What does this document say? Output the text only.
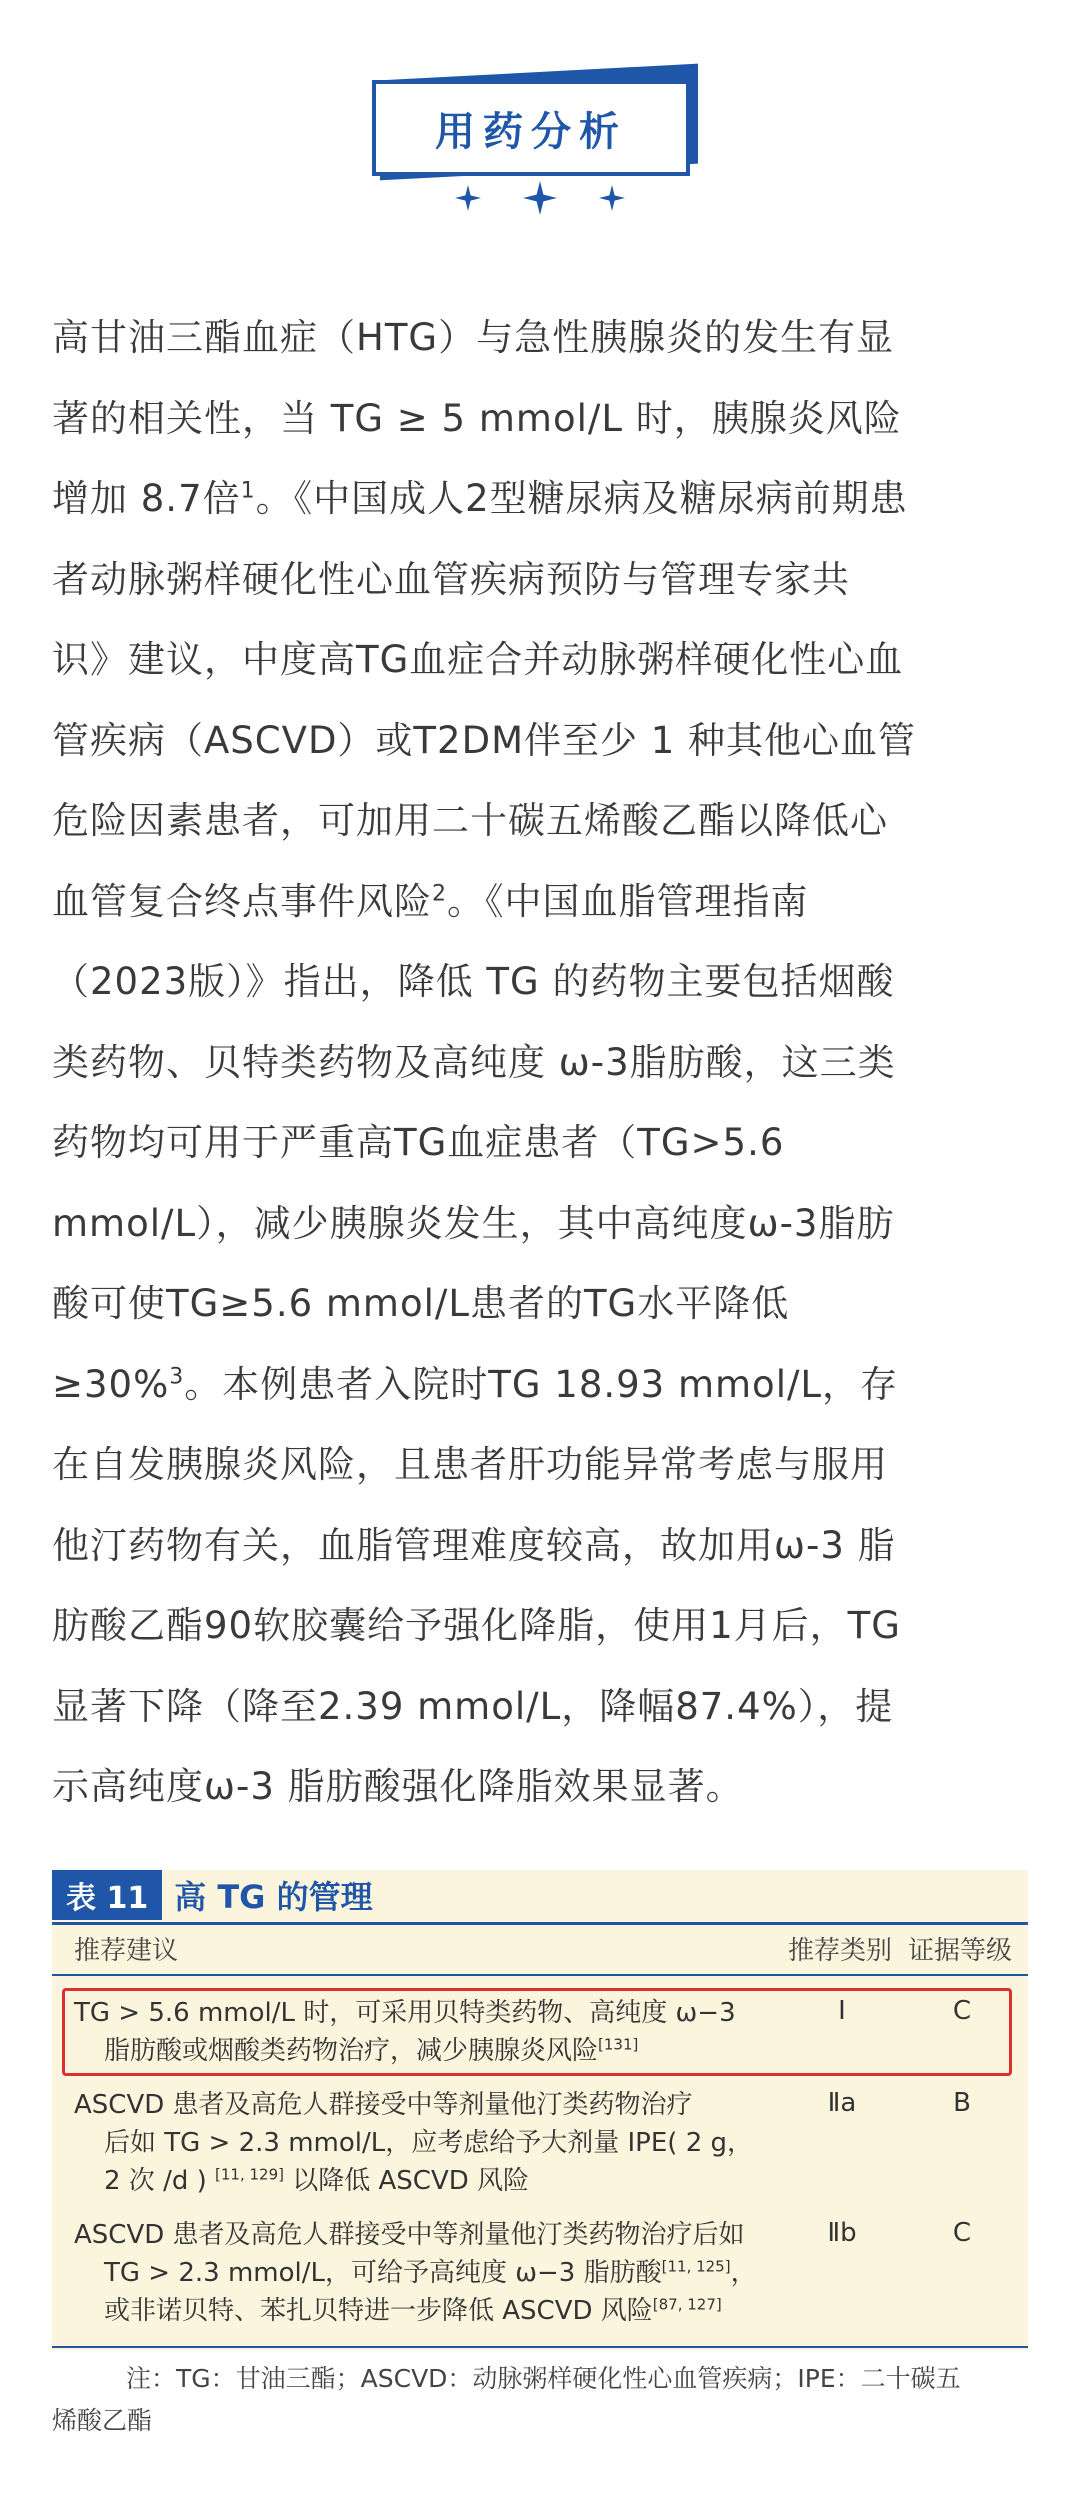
用药分析
高甘油三酯血症（HTG）与急性胰腺炎的发生有显
著的相关性，当 TG ≥ 5 mmol/L 时，胰腺炎风险
增加 8.7倍$^1$。《中国成人2型糖尿病及糖尿病前期患
者动脉粥样硬化性心血管疾病预防与管理专家共
识》建议，中度高TG血症合并动脉粥样硬化性心血
管疾病（ASCVD）或T2DM伴至少 1 种其他心血管
危险因素患者，可加用二十碳五烯酸乙酯以降低心
血管复合终点事件风险$^2$。《中国血脂管理指南
（2023版）》指出，降低 TG 的药物主要包括烟酸
类药物、贝特类药物及高纯度 ω-3脂肪酸，这三类
药物均可用于严重高TG血症患者（TG>5.6
mmol/L），减少胰腺炎发生，其中高纯度ω-3脂肪
酸可使TG≥5.6 mmol/L患者的TG水平降低
≥30%$^3$。本例患者入院时TG 18.93 mmol/L，存
在自发胰腺炎风险，且患者肝功能异常考虑与服用
他汀药物有关，血脂管理难度较高，故加用ω-3 脂
肪酸乙酯90软胶囊给予强化降脂，使用1月后，TG
显著下降（降至2.39 mmol/L，降幅87.4%），提
示高纯度ω-3 脂肪酸强化降脂效果显著。
表 11 高 TG 的管理
推荐建议	推荐类别 证据等级
TG > 5.6 mmol/L 时，可采用贝特类药物、高纯度 ω−3
脂肪酸或烟酸类药物治疗，减少胰腺炎风险[131]
Ⅰ	C
ASCVD 患者及高危人群接受中等剂量他汀类药物治疗
后如 TG > 2.3 mmol/L，应考虑给予大剂量 IPE( 2 g，
2 次 /d ) [11, 129] 以降低 ASCVD 风险
Ⅱa	B
ASCVD 患者及高危人群接受中等剂量他汀类药物治疗后如
TG > 2.3 mmol/L，可给予高纯度 ω−3 脂肪酸[11, 125]，
或非诺贝特、苯扎贝特进一步降低 ASCVD 风险[87, 127]
Ⅱb	C
注：TG：甘油三酯；ASCVD：动脉粥样硬化性心血管疾病；IPE：二十碳五
烯酸乙酯
